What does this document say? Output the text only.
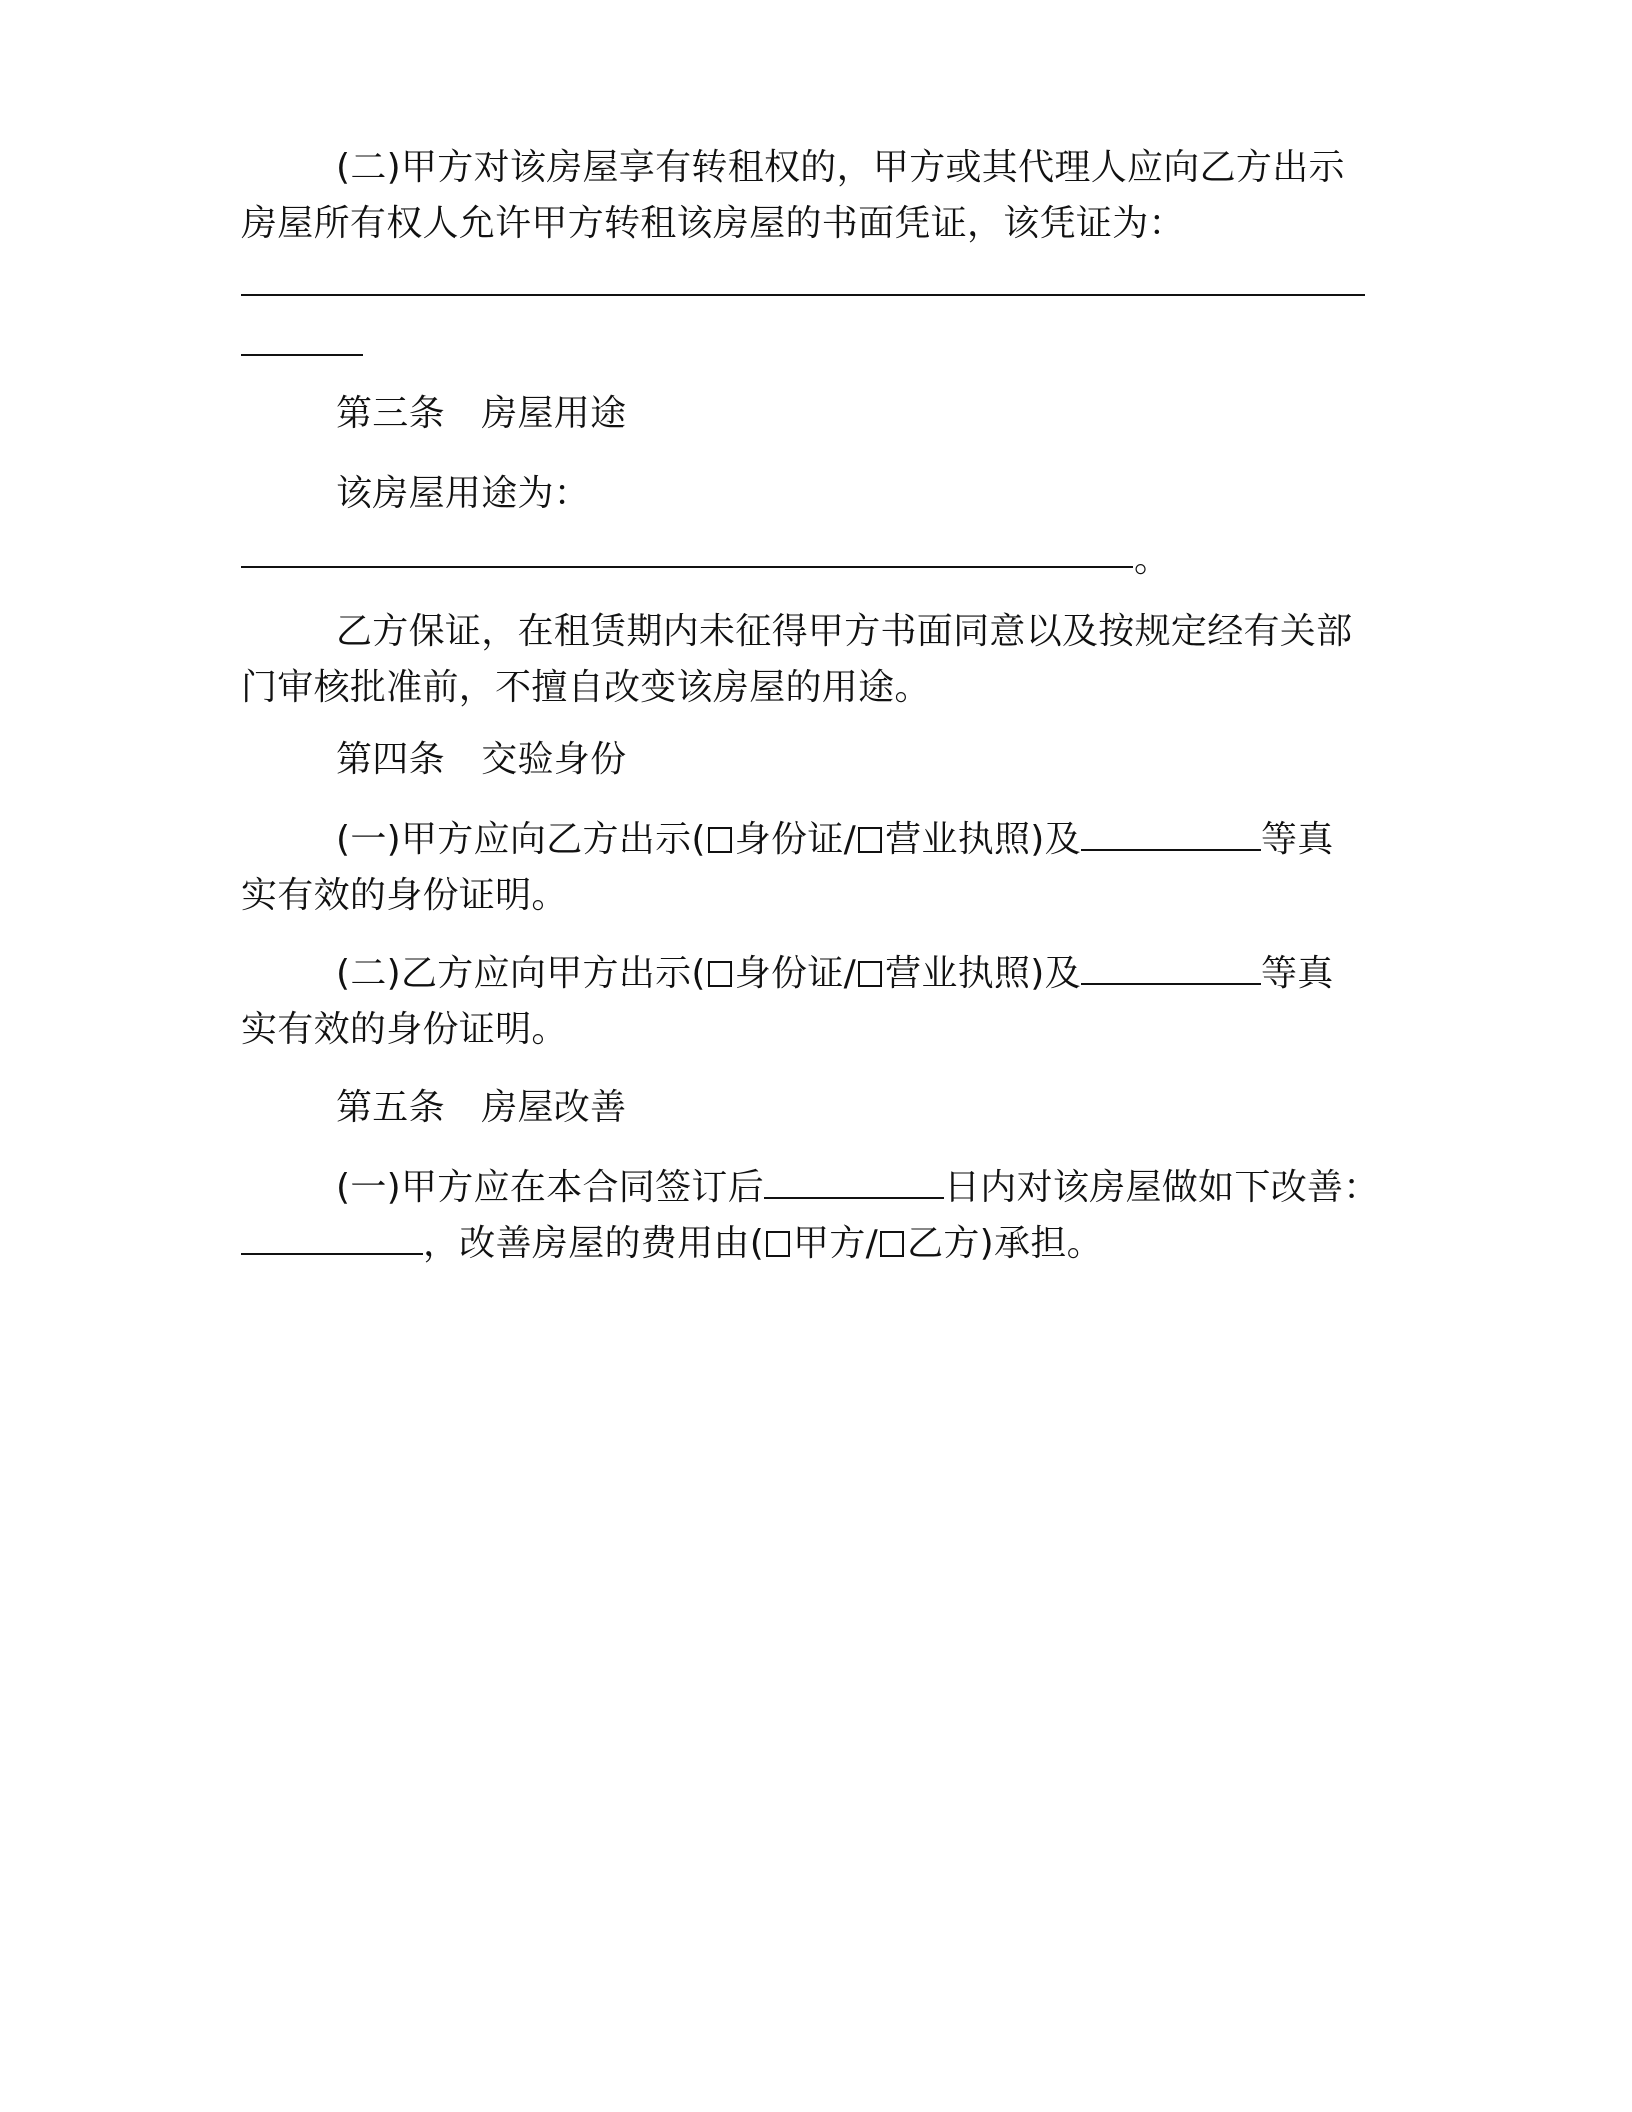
(二)甲方对该房屋享有转租权的，甲方或其代理人应向乙方出示
房屋所有权人允许甲方转租该房屋的书面凭证，该凭证为：
第三条　房屋用途
该房屋用途为：
。
乙方保证，在租赁期内未征得甲方书面同意以及按规定经有关部
门审核批准前，不擅自改变该房屋的用途。
第四条　交验身份
(一)甲方应向乙方出示( 身份证/ 营业执照)及	等真
实有效的身份证明。
(二)乙方应向甲方出示( 身份证/ 营业执照)及	等真
实有效的身份证明。
第五条　房屋改善
(一)甲方应在本合同签订后	日内对该房屋做如下改善：
，改善房屋的费用由( 甲方/ 乙方)承担。
